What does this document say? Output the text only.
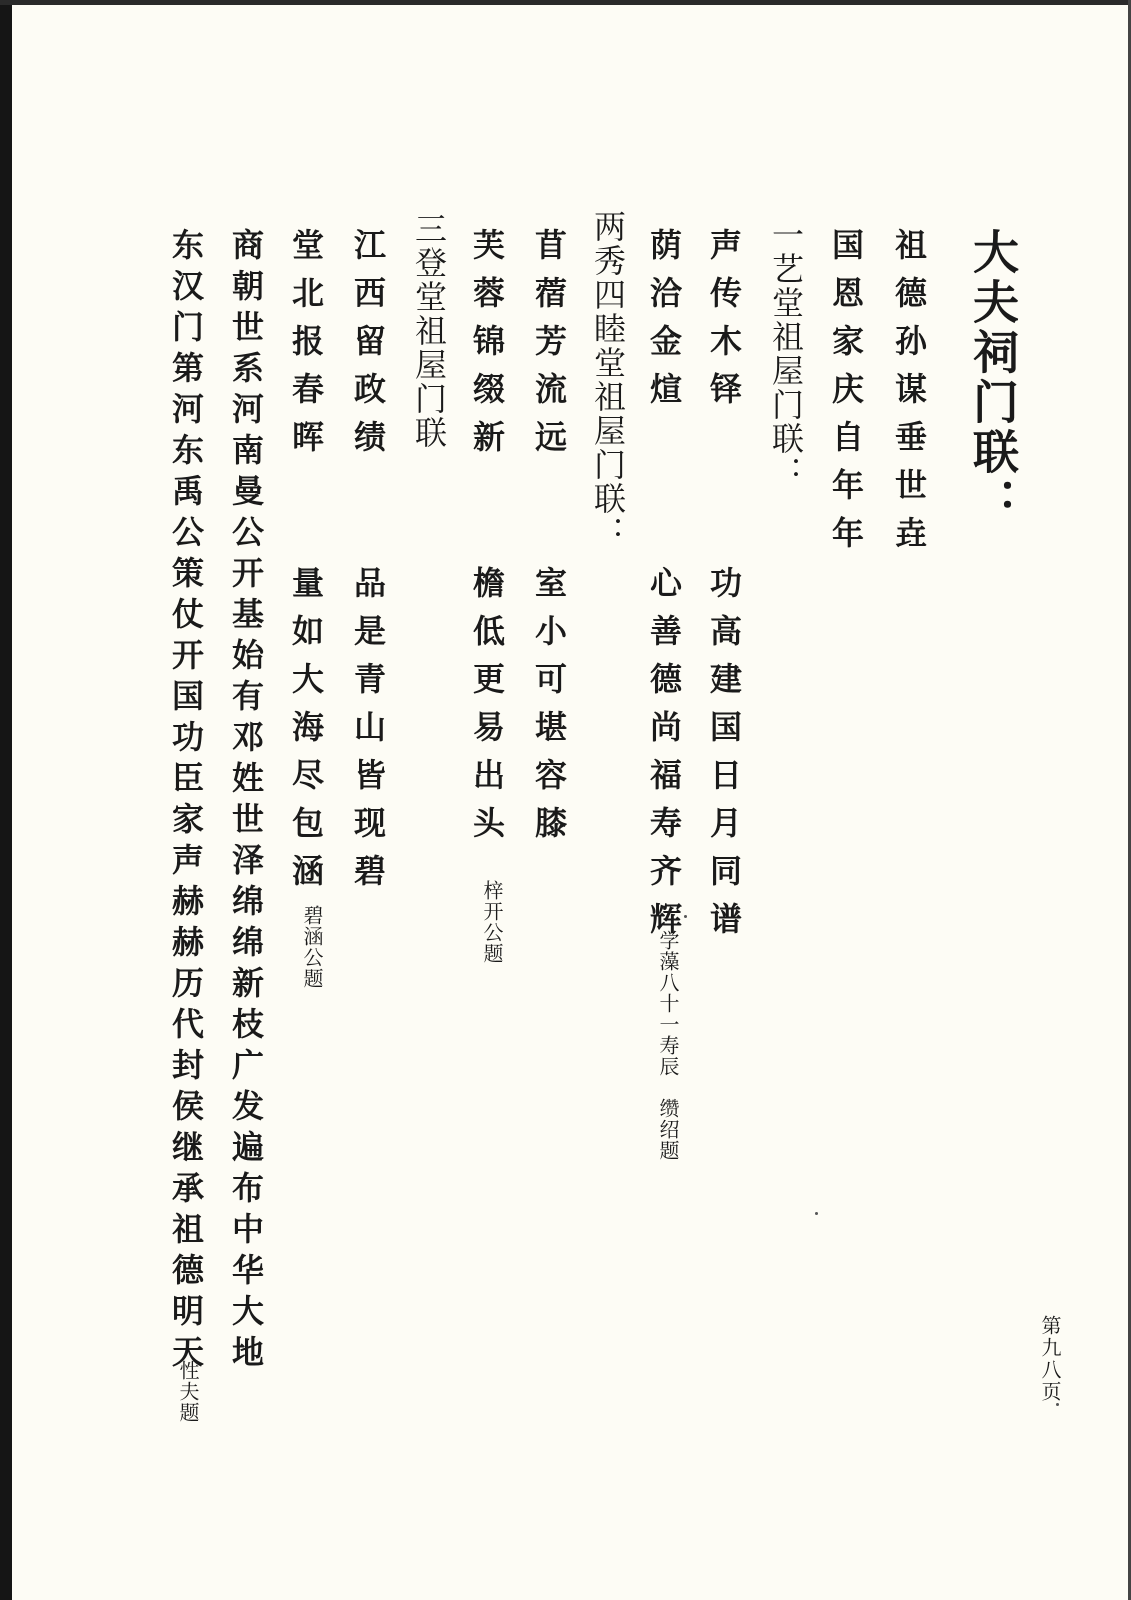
大夫祠门联：
祖德孙谋垂世垚
国恩家庆自年年
一艺堂祖屋门联：
声传木铎
功高建国日月同谱
荫洽金煊
心善德尚福寿齐辉
学藻八十一寿辰　缵绍题
两秀四睦堂祖屋门联：
苜蓿芳流远
室小可堪容膝
芙蓉锦缀新
檐低更易出头
梓开公题
三登堂祖屋门联
江西留政绩
品是青山皆现碧
堂北报春晖
量如大海尽包涵
碧涵公题
商朝世系河南曼公开基始有邓姓世泽绵绵新枝广发遍布中华大地
东汉门第河东禹公策仗开国功臣家声赫赫历代封侯继承祖德明天
性夫题	第九八页
